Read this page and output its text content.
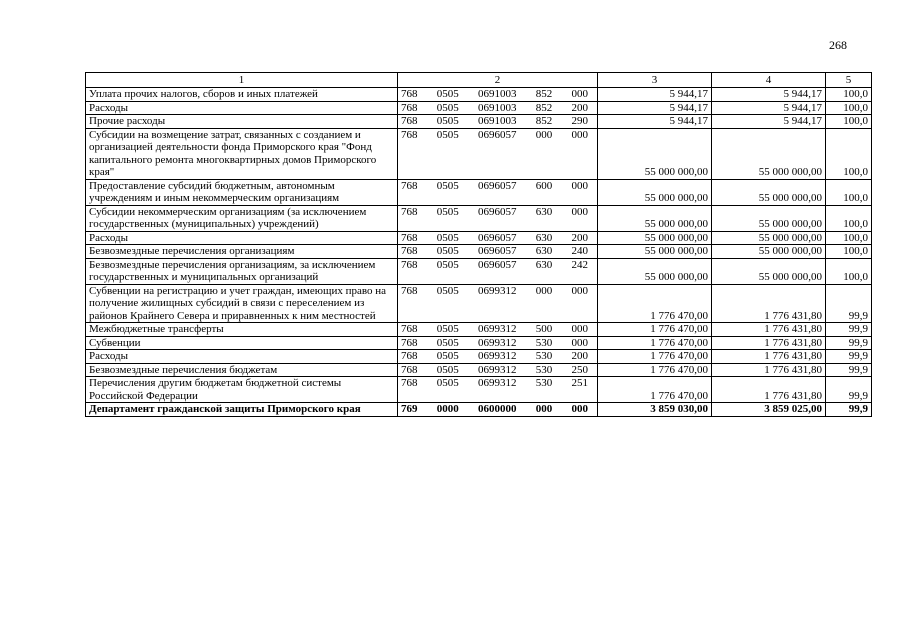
268
1	2	3	4	5
Уплата прочих налогов, сборов и иных платежей	768 0505 0691003 852 000	5 944,17	5 944,17	100,0
Расходы	768 0505 0691003 852 200	5 944,17	5 944,17	100,0
Прочие расходы	768 0505 0691003 852 290	5 944,17	5 944,17	100,0
Субсидии на возмещение затрат, связанных с созданием и организацией деятельности фонда Приморского края "Фонд капитального ремонта многоквартирных домов Приморского края"	768 0505 0696057 000 000	55 000 000,00	55 000 000,00	100,0
Предоставление субсидий бюджетным, автономным учреждениям и иным некоммерческим организациям	768 0505 0696057 600 000	55 000 000,00	55 000 000,00	100,0
Субсидии некоммерческим организациям (за исключением государственных (муниципальных) учреждений)	768 0505 0696057 630 000	55 000 000,00	55 000 000,00	100,0
Расходы	768 0505 0696057 630 200	55 000 000,00	55 000 000,00	100,0
Безвозмездные перечисления организациям	768 0505 0696057 630 240	55 000 000,00	55 000 000,00	100,0
Безвозмездные перечисления организациям, за исключением государственных и муниципальных организаций	768 0505 0696057 630 242	55 000 000,00	55 000 000,00	100,0
Субвенции на регистрацию и учет граждан, имеющих право на получение жилищных субсидий в связи с переселением из районов Крайнего Севера и приравненных к ним местностей	768 0505 0699312 000 000	1 776 470,00	1 776 431,80	99,9
Межбюджетные трансферты	768 0505 0699312 500 000	1 776 470,00	1 776 431,80	99,9
Субвенции	768 0505 0699312 530 000	1 776 470,00	1 776 431,80	99,9
Расходы	768 0505 0699312 530 200	1 776 470,00	1 776 431,80	99,9
Безвозмездные перечисления бюджетам	768 0505 0699312 530 250	1 776 470,00	1 776 431,80	99,9
Перечисления другим бюджетам бюджетной системы Российской Федерации	768 0505 0699312 530 251	1 776 470,00	1 776 431,80	99,9
Департамент гражданской защиты Приморского края	769 0000 0600000 000 000	3 859 030,00	3 859 025,00	99,9
